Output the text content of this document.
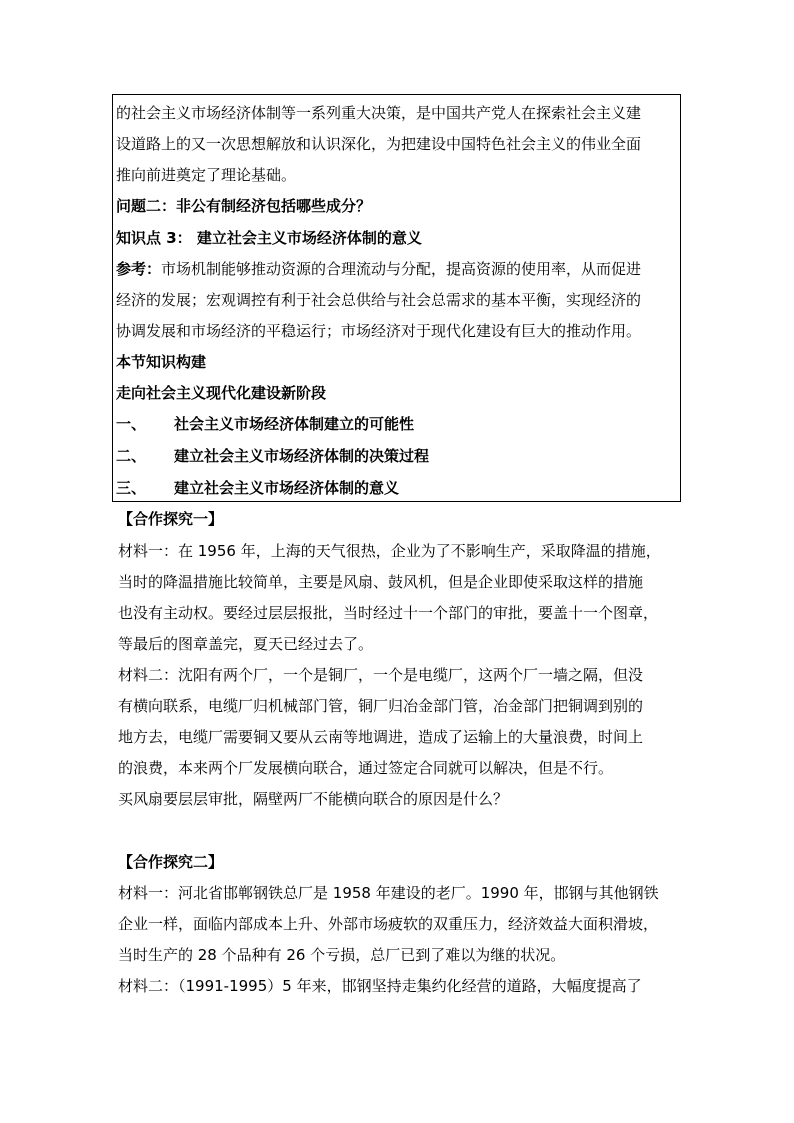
的社会主义市场经济体制等一系列重大决策，是中国共产党人在探索社会主义建
设道路上的又一次思想解放和认识深化，为把建设中国特色社会主义的伟业全面
推向前进奠定了理论基础。
问题二：非公有制经济包括哪些成分？
知识点 3： 建立社会主义市场经济体制的意义
参考：市场机制能够推动资源的合理流动与分配，提高资源的使用率，从而促进
经济的发展；宏观调控有利于社会总供给与社会总需求的基本平衡，实现经济的
协调发展和市场经济的平稳运行；市场经济对于现代化建设有巨大的推动作用。
本节知识构建
走向社会主义现代化建设新阶段
一、 社会主义市场经济体制建立的可能性
二、 建立社会主义市场经济体制的决策过程
三、 建立社会主义市场经济体制的意义
【合作探究一】
材料一：在 1956 年，上海的天气很热，企业为了不影响生产，采取降温的措施，
当时的降温措施比较简单，主要是风扇、鼓风机，但是企业即使采取这样的措施
也没有主动权。要经过层层报批，当时经过十一个部门的审批，要盖十一个图章，
等最后的图章盖完，夏天已经过去了。
材料二：沈阳有两个厂，一个是铜厂，一个是电缆厂，这两个厂一墙之隔，但没
有横向联系，电缆厂归机械部门管，铜厂归冶金部门管，冶金部门把铜调到别的
地方去，电缆厂需要铜又要从云南等地调进，造成了运输上的大量浪费，时间上
的浪费，本来两个厂发展横向联合，通过签定合同就可以解决，但是不行。
买风扇要层层审批，隔壁两厂不能横向联合的原因是什么？
【合作探究二】
材料一：河北省邯郸钢铁总厂是 1958 年建设的老厂。1990 年，邯钢与其他钢铁
企业一样，面临内部成本上升、外部市场疲软的双重压力，经济效益大面积滑坡，
当时生产的 28 个品种有 26 个亏损，总厂已到了难以为继的状况。
材料二：（1991-1995）5 年来，邯钢坚持走集约化经营的道路，大幅度提高了
